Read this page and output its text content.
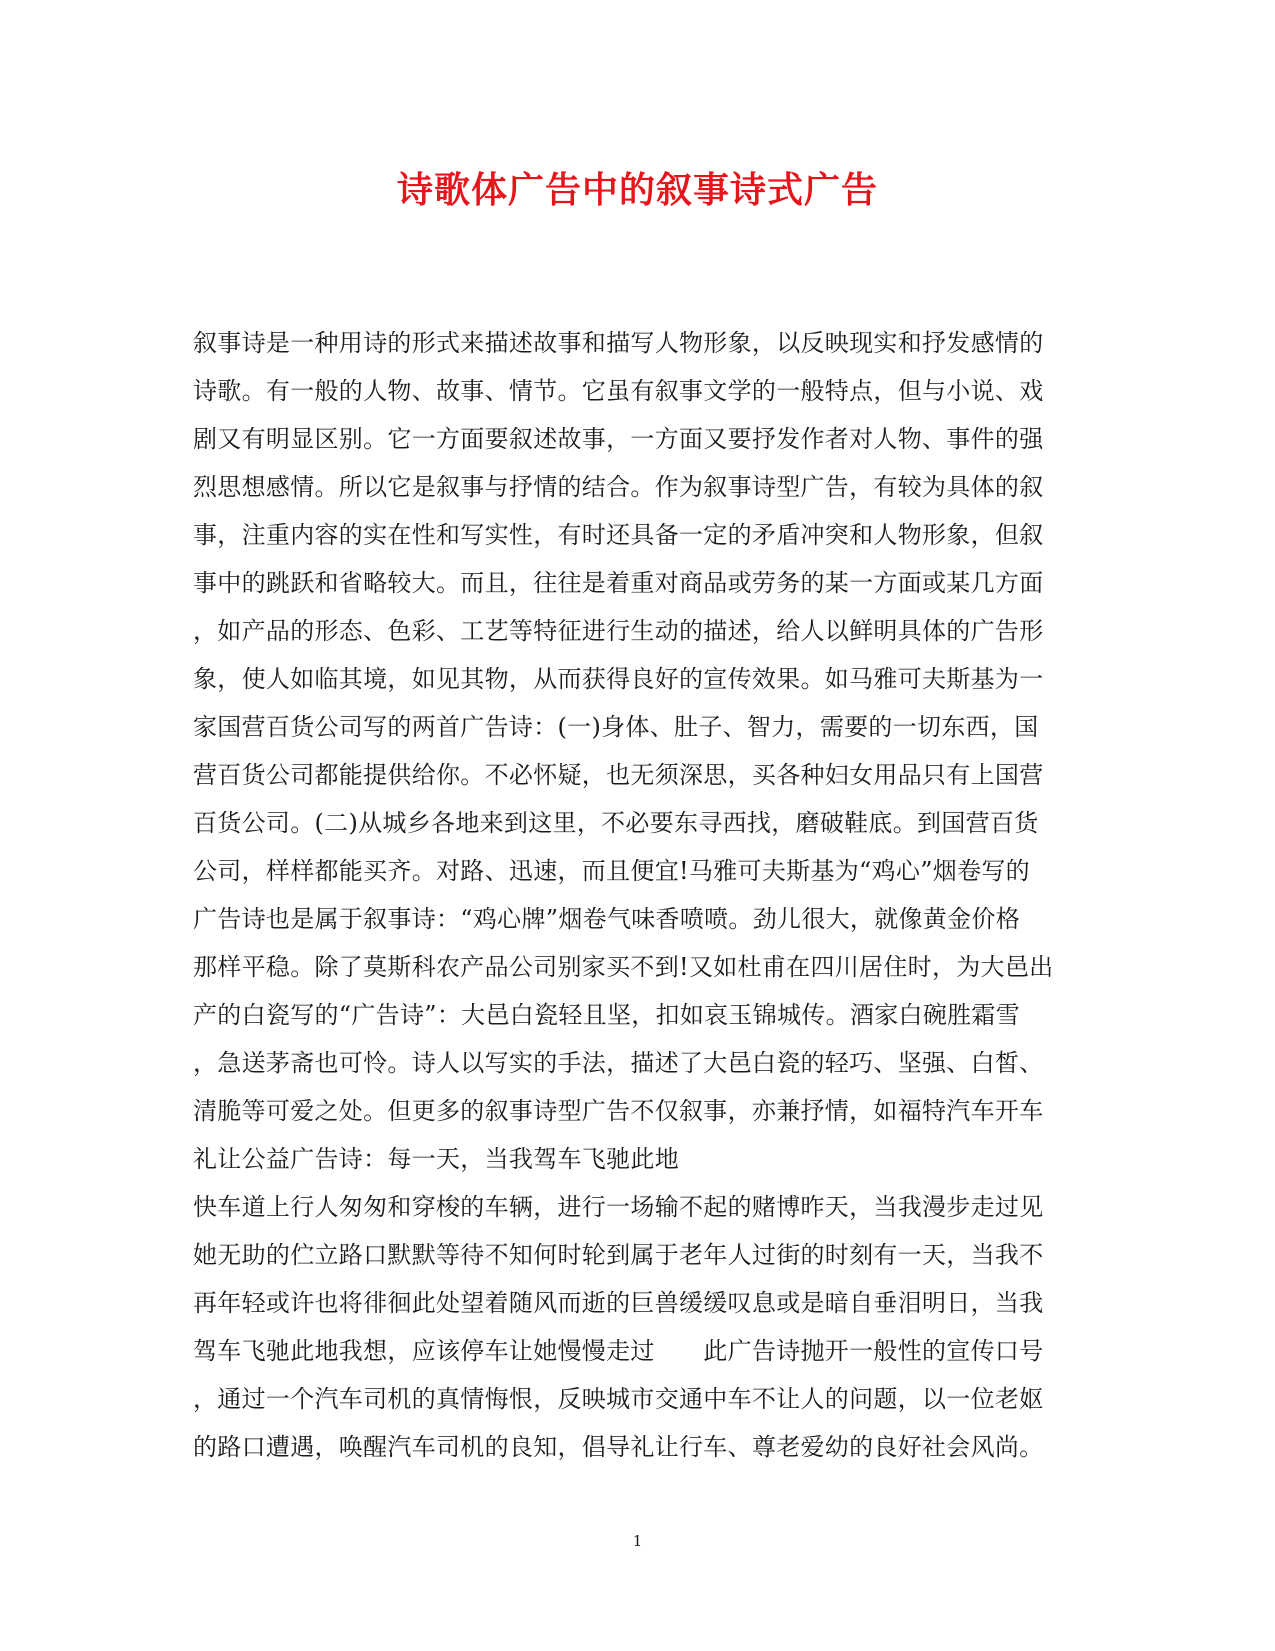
诗歌体广告中的叙事诗式广告
叙事诗是一种用诗的形式来描述故事和描写人物形象，以反映现实和抒发感情的
诗歌。有一般的人物、故事、情节。它虽有叙事文学的一般特点，但与小说、戏
剧又有明显区别。它一方面要叙述故事，一方面又要抒发作者对人物、事件的强
烈思想感情。所以它是叙事与抒情的结合。作为叙事诗型广告，有较为具体的叙
事，注重内容的实在性和写实性，有时还具备一定的矛盾冲突和人物形象，但叙
事中的跳跃和省略较大。而且，往往是着重对商品或劳务的某一方面或某几方面
，如产品的形态、色彩、工艺等特征进行生动的描述，给人以鲜明具体的广告形
象，使人如临其境，如见其物，从而获得良好的宣传效果。如马雅可夫斯基为一
家国营百货公司写的两首广告诗：(一)身体、肚子、智力，需要的一切东西，国
营百货公司都能提供给你。不必怀疑，也无须深思，买各种妇女用品只有上国营
百货公司。(二)从城乡各地来到这里，不必要东寻西找，磨破鞋底。到国营百货
公司，样样都能买齐。对路、迅速，而且便宜!马雅可夫斯基为“鸡心”烟卷写的
广告诗也是属于叙事诗：“鸡心牌”烟卷气味香喷喷。劲儿很大，就像黄金价格
那样平稳。除了莫斯科农产品公司别家买不到!又如杜甫在四川居住时，为大邑出
产的白瓷写的“广告诗”：大邑白瓷轻且坚，扣如哀玉锦城传。酒家白碗胜霜雪
，急送茅斋也可怜。诗人以写实的手法，描述了大邑白瓷的轻巧、坚强、白皙、
清脆等可爱之处。但更多的叙事诗型广告不仅叙事，亦兼抒情，如福特汽车开车
礼让公益广告诗：每一天，当我驾车飞驰此地
快车道上行人匆匆和穿梭的车辆，进行一场输不起的赌博昨天，当我漫步走过见
她无助的伫立路口默默等待不知何时轮到属于老年人过街的时刻有一天，当我不
再年轻或许也将徘徊此处望着随风而逝的巨兽缓缓叹息或是暗自垂泪明日，当我
驾车飞驰此地我想，应该停车让她慢慢走过　　此广告诗抛开一般性的宣传口号
，通过一个汽车司机的真情悔恨，反映城市交通中车不让人的问题，以一位老妪
的路口遭遇，唤醒汽车司机的良知，倡导礼让行车、尊老爱幼的良好社会风尚。
1
